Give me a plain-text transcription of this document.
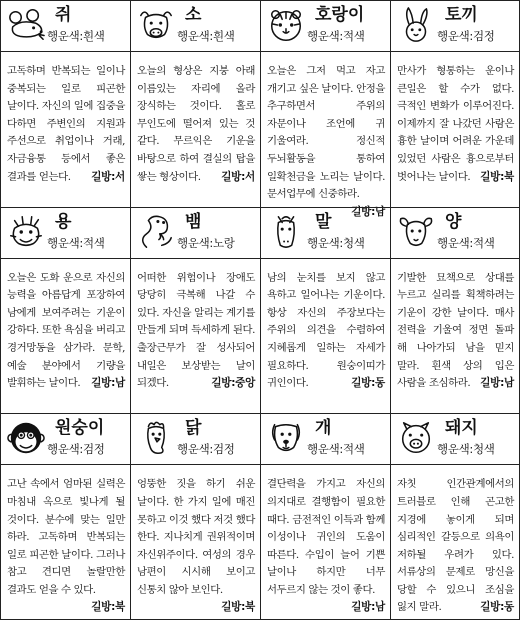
쥐
행운색:흰색
고독하며 반복되는 일이나 중복되는 일로 피곤한 날이다. 자신의 일에 집중을 다하면 주변인의 지원과 주선으로 취업이나 거래, 자금융통 등에서 좋은 결과를 얻는다. 길방:서
소
행운색:흰색
오늘의 형상은 지붕 아래 이름있는 자리에 올라 장식하는 것이다. 홀로 무인도에 떨어져 있는 것 같다. 무르익은 기운을 바탕으로 하여 결실의 탑을 쌓는 형상이다. 길방:서
호랑이
행운색:적색
오늘은 그저 먹고 자고 개기고 싶은 날이다. 안정을 추구하면서 주위의 자문이나 조언에 귀 기울여라. 정신적 두뇌활동을 통하여 일확천금을 노리는 날이다. 문서업무에 신중하라.
길방:남
토끼
행운색:검정
만사가 형통하는 운이나 큰일은 할 수가 없다. 극적인 변화가 이루어진다. 이제까지 잘 나갔던 사람은 흉한 날이며 어려운 가운데 있었던 사람은 흉으로부터 벗어나는 날이다. 길방:북
용
행운색:적색
오늘은 도화 운으로 자신의 능력을 아름답게 포장하여 남에게 보여주려는 기운이 강하다. 또한 욕심을 버리고 경거망동을 삼가라. 문학, 예술 분야에서 기량을 발휘하는 날이다. 길방:남
뱀
행운색:노랑
어떠한 위험이나 장애도 당당히 극복해 나갈 수 있다. 자신을 알리는 계기를 만들게 되며 득세하게 된다. 출장근무가 잘 성사되어 내일은 보상받는 날이 되겠다.	길방:중앙
말
행운색:청색
남의 눈치를 보지 않고 욕하고 일어나는 기운이다. 항상 자신의 주장보다는 주위의 의견을 수렴하여 지혜롭게 일하는 자세가 필요하다. 원숭이띠가 귀인이다.	길방:동
양
행운색:적색
기발한 묘책으로 상대를 누르고 실리를 획책하려는 기운이 강한 날이다. 매사 전력을 기울여 정면 돌파 해 나아가되 남을 믿지 말라. 흰색 상의 입은 사람을 조심하라. 길방:남
원숭이
행운색:검정
고난 속에서 엄마된 실력은 마침내 옥으로 빛나게 될 것이다. 분수에 맞는 일만 하라. 고독하며 반복되는 일로 피곤한 날이다. 그러나 참고 견디면 놀랄만한 결과도 얻을 수 있다.
길방:북
닭
행운색:검정
엉뚱한 짓을 하기 쉬운 날이다. 한 가지 일에 매진 못하고 이것 했다 저것 했다 한다. 지나치게 권위적이며 자신위주이다. 여성의 경우 남편이 시시해 보이고 신통치 않아 보인다.
길방:북
개
행운색:적색
결단력을 가지고 자신의 의지대로 결행함이 필요한 때다. 금전적인 이득과 함께 이성이나 귀인의 도움이 따른다. 수입이 늘어 기쁜 날이나 하지만 너무 서두르지 않는 것이 좋다.
길방:남
돼지
행운색:청색
자칫 인간관계에서의 트러블로 인해 곤고한 지경에 놓이게 되며 심리적인 갈등으로 의욕이 저하될 우려가 있다. 서류상의 문제로 망신을 당할 수 있으니 조심을 잃지 말라.	길방:동
